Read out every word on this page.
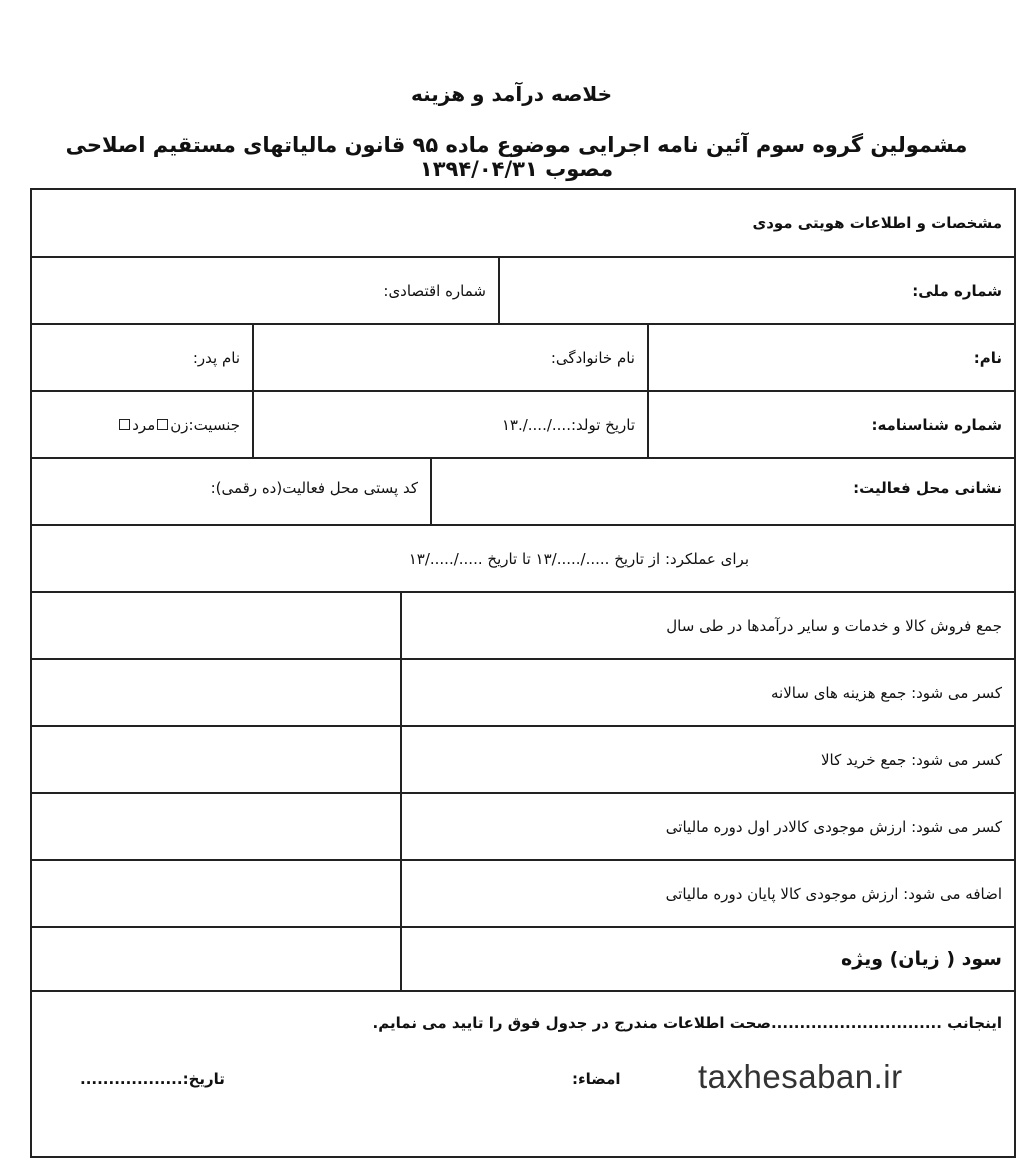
خلاصه درآمد و هزینه
مشمولین گروه سوم آئین نامه اجرایی موضوع ماده ۹۵ قانون مالیاتهای مستقیم اصلاحی مصوب ۱۳۹۴/۰۴/۳۱
مشخصات و اطلاعات هویتی مودی
شماره ملی:
شماره اقتصادی:
نام:
نام خانوادگی:
نام پدر:
شماره شناسنامه:
تاریخ تولد:..../..../.۱۳
جنسیت:زن
مرد
نشانی محل فعالیت:
کد پستی محل فعالیت(ده رقمی):
برای عملکرد: از تاریخ ...../...../۱۳ تا تاریخ ...../...../۱۳
جمع فروش کالا و خدمات و سایر درآمدها در طی سال
کسر می شود: جمع هزینه های سالانه
کسر می شود: جمع خرید کالا
کسر می شود: ارزش موجودی کالادر اول دوره مالیاتی
اضافه می شود: ارزش موجودی کالا پایان دوره مالیاتی
سود ( زیان) ویژه
اینجانب ..............................صحت اطلاعات مندرج در جدول فوق را تایید می نمایم.
امضاء:
تاریخ:..................	taxhesaban.ir
